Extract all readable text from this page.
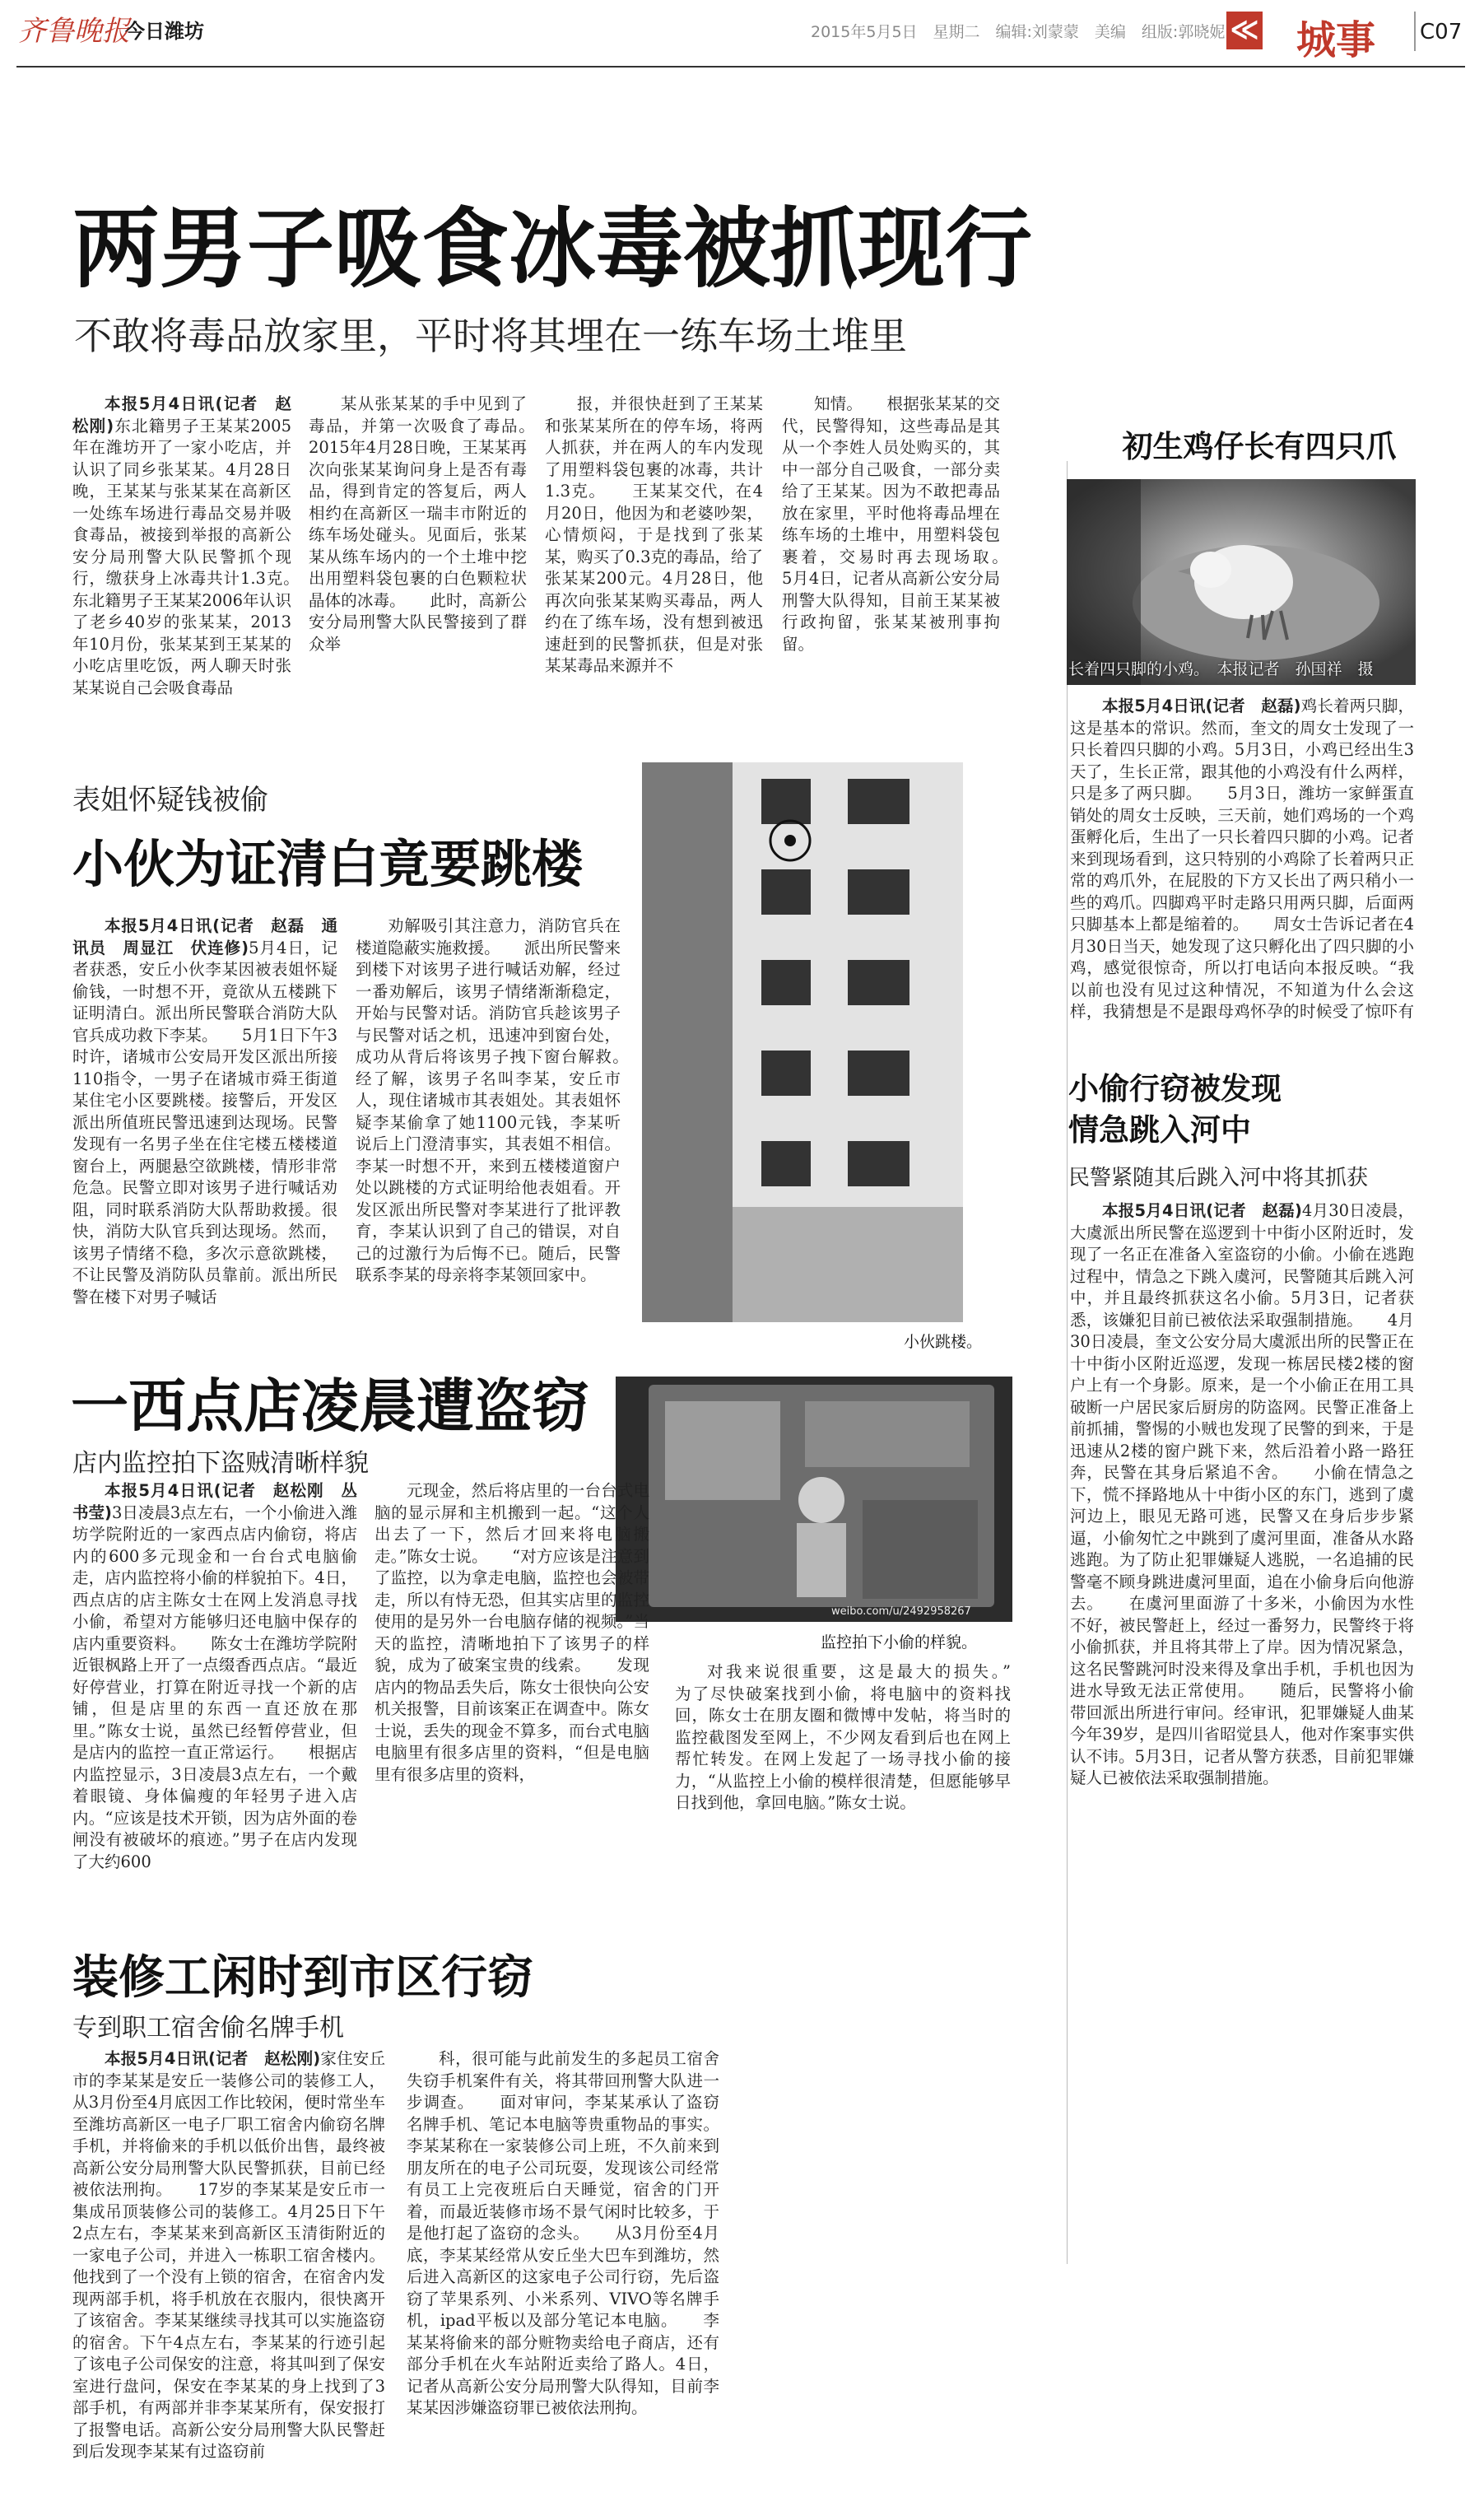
齐鲁晚报
今日潍坊	2015年5月5日　星期二　编辑:刘蒙蒙　美编　组版:郭晓妮 ≪ 城事 C07
两男子吸食冰毒被抓现行
不敢将毒品放家里，平时将其埋在一练车场土堆里

本报5月4日讯(记者　赵松刚)东北籍男子王某某2005年在潍坊开了一家小吃店，并认识了同乡张某某。4月28日晚，王某某与张某某在高新区一处练车场进行毒品交易并吸食毒品，被接到举报的高新公安分局刑警大队民警抓个现行，缴获身上冰毒共计1.3克。　　东北籍男子王某某2006年认识了老乡40岁的张某某，2013年10月份，张某某到王某某的小吃店里吃饭，两人聊天时张某某说自己会吸食毒品

某从张某某的手中见到了毒品，并第一次吸食了毒品。　　2015年4月28日晚，王某某再次向张某某询问身上是否有毒品，得到肯定的答复后，两人相约在高新区一瑞丰市附近的练车场处碰头。见面后，张某某从练车场内的一个土堆中挖出用塑料袋包裹的白色颗粒状晶体的冰毒。　　此时，高新公安分局刑警大队民警接到了群众举

报，并很快赶到了王某某和张某某所在的停车场，将两人抓获，并在两人的车内发现了用塑料袋包裹的冰毒，共计1.3克。　　王某某交代，在4月20日，他因为和老婆吵架，心情烦闷，于是找到了张某某，购买了0.3克的毒品，给了张某某200元。4月28日，他再次向张某某购买毒品，两人约在了练车场，没有想到被迅速赶到的民警抓获，但是对张某某毒品来源并不

知情。　　根据张某某的交代，民警得知，这些毒品是其从一个李姓人员处购买的，其中一部分自己吸食，一部分卖给了王某某。因为不敢把毒品放在家里，平时他将毒品埋在练车场的土堆中，用塑料袋包裹着，交易时再去现场取。　　5月4日，记者从高新公安分局刑警大队得知，目前王某某被行政拘留，张某某被刑事拘留。

初生鸡仔长有四只爪
长着四只脚的小鸡。　本报记者　孙国祥　摄

本报5月4日讯(记者　赵磊)鸡长着两只脚，这是基本的常识。然而，奎文的周女士发现了一只长着四只脚的小鸡。5月3日，小鸡已经出生3天了，生长正常，跟其他的小鸡没有什么两样，只是多了两只脚。　　5月3日，潍坊一家鲜蛋直销处的周女士反映，三天前，她们鸡场的一个鸡蛋孵化后，生出了一只长着四只脚的小鸡。记者来到现场看到，这只特别的小鸡除了长着两只正常的鸡爪外，在屁股的下方又长出了两只稍小一些的鸡爪。四脚鸡平时走路只用两只脚，后面两只脚基本上都是缩着的。　　周女士告诉记者在4月30日当天，她发现了这只孵化出了四只脚的小鸡，感觉很惊奇，所以打电话向本报反映。“我以前也没有见过这种情况，不知道为什么会这样，我猜想是不是跟母鸡怀孕的时候受了惊吓有

表姐怀疑钱被偷
小伙为证清白竟要跳楼

本报5月4日讯(记者　赵磊　通讯员　周显江　伏连修)5月4日，记者获悉，安丘小伙李某因被表姐怀疑偷钱，一时想不开，竟欲从五楼跳下证明清白。派出所民警联合消防大队官兵成功救下李某。　　5月1日下午3时许，诸城市公安局开发区派出所接110指令，一男子在诸城市舜王街道某住宅小区要跳楼。接警后，开发区派出所值班民警迅速到达现场。民警发现有一名男子坐在住宅楼五楼楼道窗台上，两腿悬空欲跳楼，情形非常危急。民警立即对该男子进行喊话劝阻，同时联系消防大队帮助救援。很快，消防大队官兵到达现场。然而，该男子情绪不稳，多次示意欲跳楼，不让民警及消防队员靠前。派出所民警在楼下对男子喊话

劝解吸引其注意力，消防官兵在楼道隐蔽实施救援。　　派出所民警来到楼下对该男子进行喊话劝解，经过一番劝解后，该男子情绪渐渐稳定，开始与民警对话。消防官兵趁该男子与民警对话之机，迅速冲到窗台处，成功从背后将该男子拽下窗台解救。　　经了解，该男子名叫李某，安丘市人，现住诸城市其表姐处。其表姐怀疑李某偷拿了她1100元钱，李某听说后上门澄清事实，其表姐不相信。李某一时想不开，来到五楼楼道窗户处以跳楼的方式证明给他表姐看。开发区派出所民警对李某进行了批评教育，李某认识到了自己的错误，对自己的过激行为后悔不已。随后，民警联系李某的母亲将李某领回家中。

小伙跳楼。
小偷行窃被发现
情急跳入河中
民警紧随其后跳入河中将其抓获

本报5月4日讯(记者　赵磊)4月30日凌晨，大虞派出所民警在巡逻到十中街小区附近时，发现了一名正在准备入室盗窃的小偷。小偷在逃跑过程中，情急之下跳入虞河，民警随其后跳入河中，并且最终抓获这名小偷。5月3日，记者获悉，该嫌犯目前已被依法采取强制措施。　　4月30日凌晨，奎文公安分局大虞派出所的民警正在十中街小区附近巡逻，发现一栋居民楼2楼的窗户上有一个身影。原来，是一个小偷正在用工具破断一户居民家后厨房的防盗网。民警正准备上前抓捕，警惕的小贼也发现了民警的到来，于是迅速从2楼的窗户跳下来，然后沿着小路一路狂奔，民警在其身后紧追不舍。　　小偷在情急之下，慌不择路地从十中街小区的东门，逃到了虞河边上，眼见无路可逃，民警又在身后步步紧逼，小偷匆忙之中跳到了虞河里面，准备从水路逃跑。为了防止犯罪嫌疑人逃脱，一名追捕的民警毫不顾身跳进虞河里面，追在小偷身后向他游去。　　在虞河里面游了十多米，小偷因为水性不好，被民警赶上，经过一番努力，民警终于将小偷抓获，并且将其带上了岸。因为情况紧急，这名民警跳河时没来得及拿出手机，手机也因为进水导致无法正常使用。　　随后，民警将小偷带回派出所进行审问。经审讯，犯罪嫌疑人曲某今年39岁，是四川省昭觉县人，他对作案事实供认不讳。5月3日，记者从警方获悉，目前犯罪嫌疑人已被依法采取强制措施。

一西点店凌晨遭盗窃
店内监控拍下盗贼清晰样貌
weibo.com/u/2492958267
监控拍下小偷的样貌。

本报5月4日讯(记者　赵松刚　丛书莹)3日凌晨3点左右，一个小偷进入潍坊学院附近的一家西点店内偷窃，将店内的600多元现金和一台台式电脑偷走，店内监控将小偷的样貌拍下。4日，西点店的店主陈女士在网上发消息寻找小偷，希望对方能够归还电脑中保存的店内重要资料。　　陈女士在潍坊学院附近银枫路上开了一点缀香西点店。“最近好停营业，打算在附近寻找一个新的店铺，但是店里的东西一直还放在那里。”陈女士说，虽然已经暂停营业，但是店内的监控一直正常运行。　　根据店内监控显示，3日凌晨3点左右，一个戴着眼镜、身体偏瘦的年轻男子进入店内。“应该是技术开锁，因为店外面的卷闸没有被破坏的痕迹。”男子在店内发现了大约600

元现金，然后将店里的一台台式电脑的显示屏和主机搬到一起。“这个人出去了一下，然后才回来将电脑搬走。”陈女士说。　　“对方应该是注意到了监控，以为拿走电脑，监控也会被带走，所以有恃无恐，但其实店里的监控使用的是另外一台电脑存储的视频。”当天的监控，清晰地拍下了该男子的样貌，成为了破案宝贵的线索。　　发现店内的物品丢失后，陈女士很快向公安机关报警，目前该案正在调查中。陈女士说，丢失的现金不算多，而台式电脑电脑里有很多店里的资料，“但是电脑里有很多店里的资料，

对我来说很重要，这是最大的损失。”　　为了尽快破案找到小偷，将电脑中的资料找回，陈女士在朋友圈和微博中发帖，将当时的监控截图发至网上，不少网友看到后也在网上帮忙转发。在网上发起了一场寻找小偷的接力，“从监控上小偷的模样很清楚，但愿能够早日找到他，拿回电脑。”陈女士说。

装修工闲时到市区行窃
专到职工宿舍偷名牌手机

本报5月4日讯(记者　赵松刚)家住安丘市的李某某是安丘一装修公司的装修工人，从3月份至4月底因工作比较闲，便时常坐车至潍坊高新区一电子厂职工宿舍内偷窃名牌手机，并将偷来的手机以低价出售，最终被高新公安分局刑警大队民警抓获，目前已经被依法刑拘。　　17岁的李某某是安丘市一集成吊顶装修公司的装修工。4月25日下午2点左右，李某某来到高新区玉清街附近的一家电子公司，并进入一栋职工宿舍楼内。他找到了一个没有上锁的宿舍，在宿舍内发现两部手机，将手机放在衣服内，很快离开了该宿舍。李某某继续寻找其可以实施盗窃的宿舍。下午4点左右，李某某的行迹引起了该电子公司保安的注意，将其叫到了保安室进行盘问，保安在李某某的身上找到了3部手机，有两部并非李某某所有，保安报打了报警电话。高新公安分局刑警大队民警赶到后发现李某某有过盗窃前

科，很可能与此前发生的多起员工宿舍失窃手机案件有关，将其带回刑警大队进一步调查。　　面对审问，李某某承认了盗窃名牌手机、笔记本电脑等贵重物品的事实。李某某称在一家装修公司上班，不久前来到朋友所在的电子公司玩耍，发现该公司经常有员工上完夜班后白天睡觉，宿舍的门开着，而最近装修市场不景气闲时比较多，于是他打起了盗窃的念头。　　从3月份至4月底，李某某经常从安丘坐大巴车到潍坊，然后进入高新区的这家电子公司行窃，先后盗窃了苹果系列、小米系列、VIVO等名牌手机，ipad平板以及部分笔记本电脑。　　李某某将偷来的部分赃物卖给电子商店，还有部分手机在火车站附近卖给了路人。4日，记者从高新公安分局刑警大队得知，目前李某某因涉嫌盗窃罪已被依法刑拘。
